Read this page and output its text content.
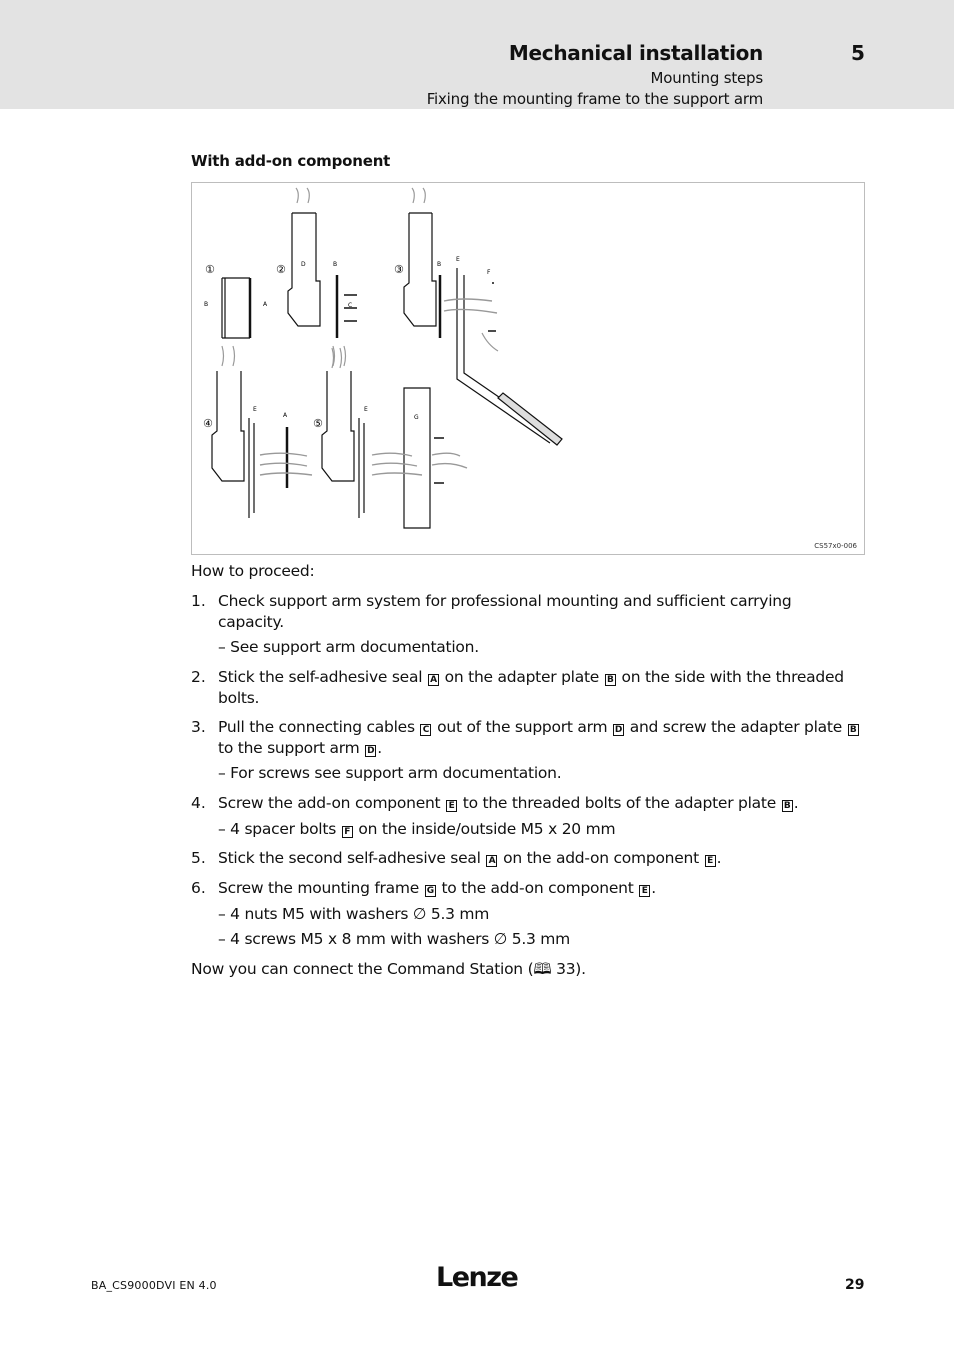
Mechanical installation	5
Mounting steps
Fixing the mounting frame to the support arm
With add-on component
①	②	③
④	⑤
B	A
D	B
C
B
E
F
E
A
E
G
CS57x0-006
How to proceed:
1. Check support arm system for professional mounting and sufficient carrying
capacity.
– See support arm documentation.
2. Stick the self-adhesive seal A on the adapter plate B on the side with the threaded
bolts.
3. Pull the connecting cables C out of the support arm D and screw the adapter plate B
to the support arm D .
– For screws see support arm documentation.
4. Screw the add-on component E to the threaded bolts of the adapter plate B .
– 4 spacer bolts F on the inside/outside M5 x 20 mm
5. Stick the second self-adhesive seal A on the add-on component E .
6. Screw the mounting frame G to the add-on component E .
– 4 nuts M5 with washers ∅ 5.3 mm
– 4 screws M5 x 8 mm with washers ∅ 5.3 mm
Now you can connect the Command Station (🕮 33).
BA_CS9000DVI EN 4.0	Lenze	29
